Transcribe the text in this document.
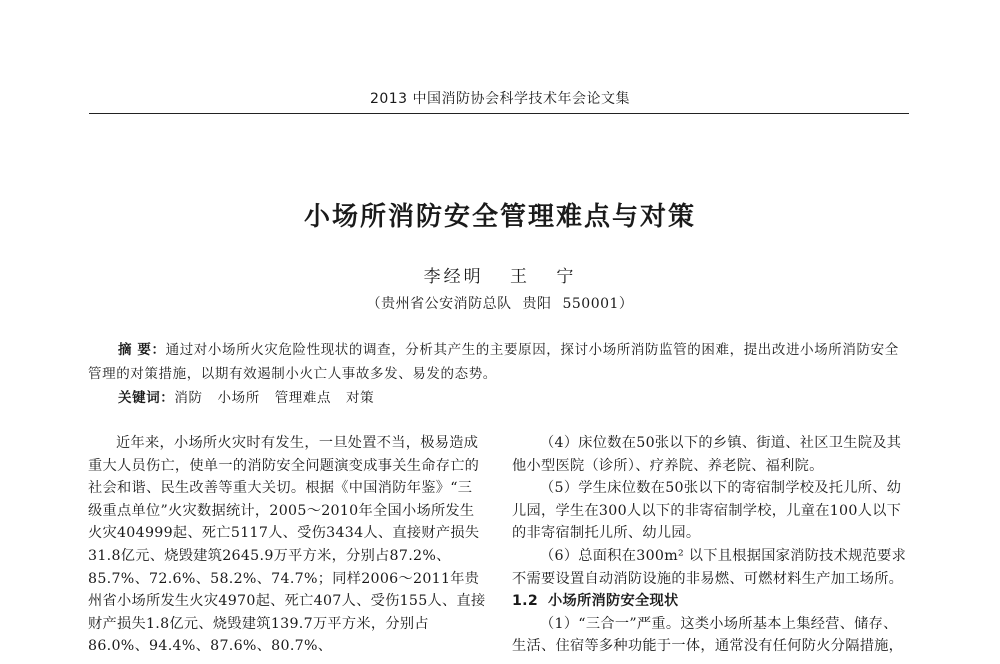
2013 中国消防协会科学技术年会论文集
小场所消防安全管理难点与对策
李经明 王 宁
（贵州省公安消防总队 贵阳 550001）

摘 要：通过对小场所火灾危险性现状的调查，分析其产生的主要原因，探讨小场所消防监管的困难，提出改进小场所消防安全管理的对策措施，以期有效遏制小火亡人事故多发、易发的态势。

关键词：消防 小场所 管理难点 对策

近年来，小场所火灾时有发生，一旦处置不当，极易造成重大人员伤亡，使单一的消防安全问题演变成事关生命存亡的社会和谐、民生改善等重大关切。根据《中国消防年鉴》“三级重点单位”火灾数据统计，2005～2010年全国小场所发生火灾404999起、死亡5117人、受伤3434人、直接财产损失31.8亿元、烧毁建筑2645.9万平方米，分别占87.2%、85.7%、72.6%、58.2%、74.7%；同样2006～2011年贵州省小场所发生火灾4970起、死亡407人、受伤155人、直接财产损失1.8亿元、烧毁建筑139.7万平方米，分别占86.0%、94.4%、87.6%、80.7%、

（4）床位数在50张以下的乡镇、街道、社区卫生院及其他小型医院（诊所）、疗养院、养老院、福利院。

（5）学生床位数在50张以下的寄宿制学校及托儿所、幼儿园，学生在300人以下的非寄宿制学校，儿童在100人以下的非寄宿制托儿所、幼儿园。

（6）总面积在300m² 以下且根据国家消防技术规范要求不需要设置自动消防设施的非易燃、可燃材料生产加工场所。

1.2 小场所消防安全现状

（1）“三合一”严重。这类小场所基本上集经营、储存、生活、住宿等多种功能于一体，通常没有任何防火分隔措施，
